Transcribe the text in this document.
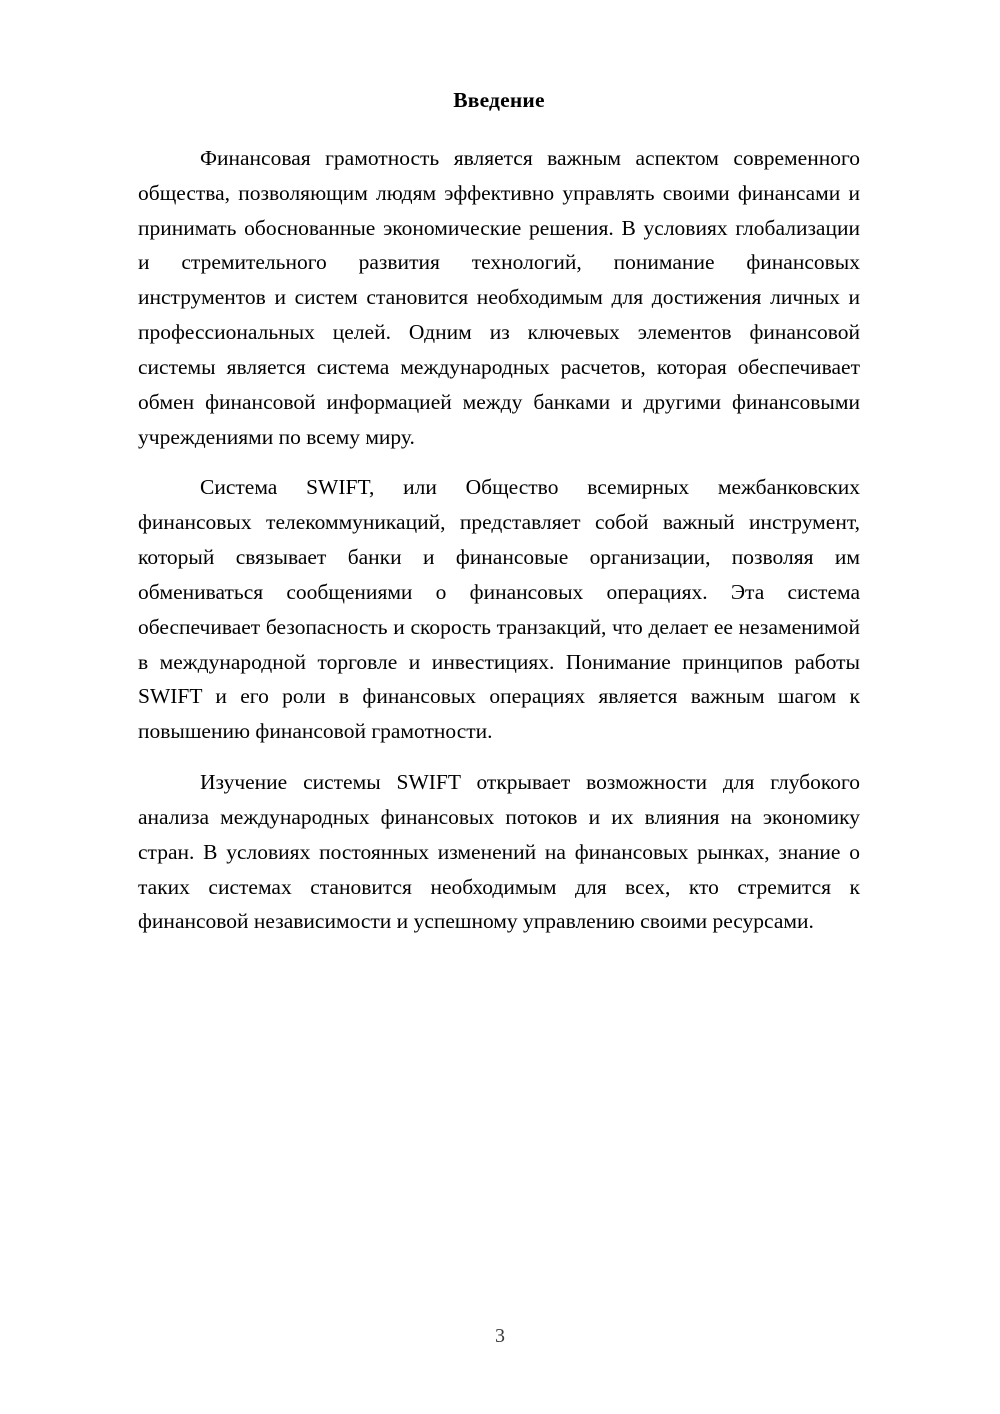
Введение

Финансовая грамотность является важным аспектом современного общества, позволяющим людям эффективно управлять своими финансами и принимать обоснованные экономические решения. В условиях глобализации и стремительного развития технологий, понимание финансовых инструментов и систем становится необходимым для достижения личных и профессиональных целей. Одним из ключевых элементов финансовой системы является система международных расчетов, которая обеспечивает обмен финансовой информацией между банками и другими финансовыми учреждениями по всему миру.

Система SWIFT, или Общество всемирных межбанковских финансовых телекоммуникаций, представляет собой важный инструмент, который связывает банки и финансовые организации, позволяя им обмениваться сообщениями о финансовых операциях. Эта система обеспечивает безопасность и скорость транзакций, что делает ее незаменимой в международной торговле и инвестициях. Понимание принципов работы SWIFT и его роли в финансовых операциях является важным шагом к повышению финансовой грамотности.

Изучение системы SWIFT открывает возможности для глубокого анализа международных финансовых потоков и их влияния на экономику стран. В условиях постоянных изменений на финансовых рынках, знание о таких системах становится необходимым для всех, кто стремится к финансовой независимости и успешному управлению своими ресурсами.

3
